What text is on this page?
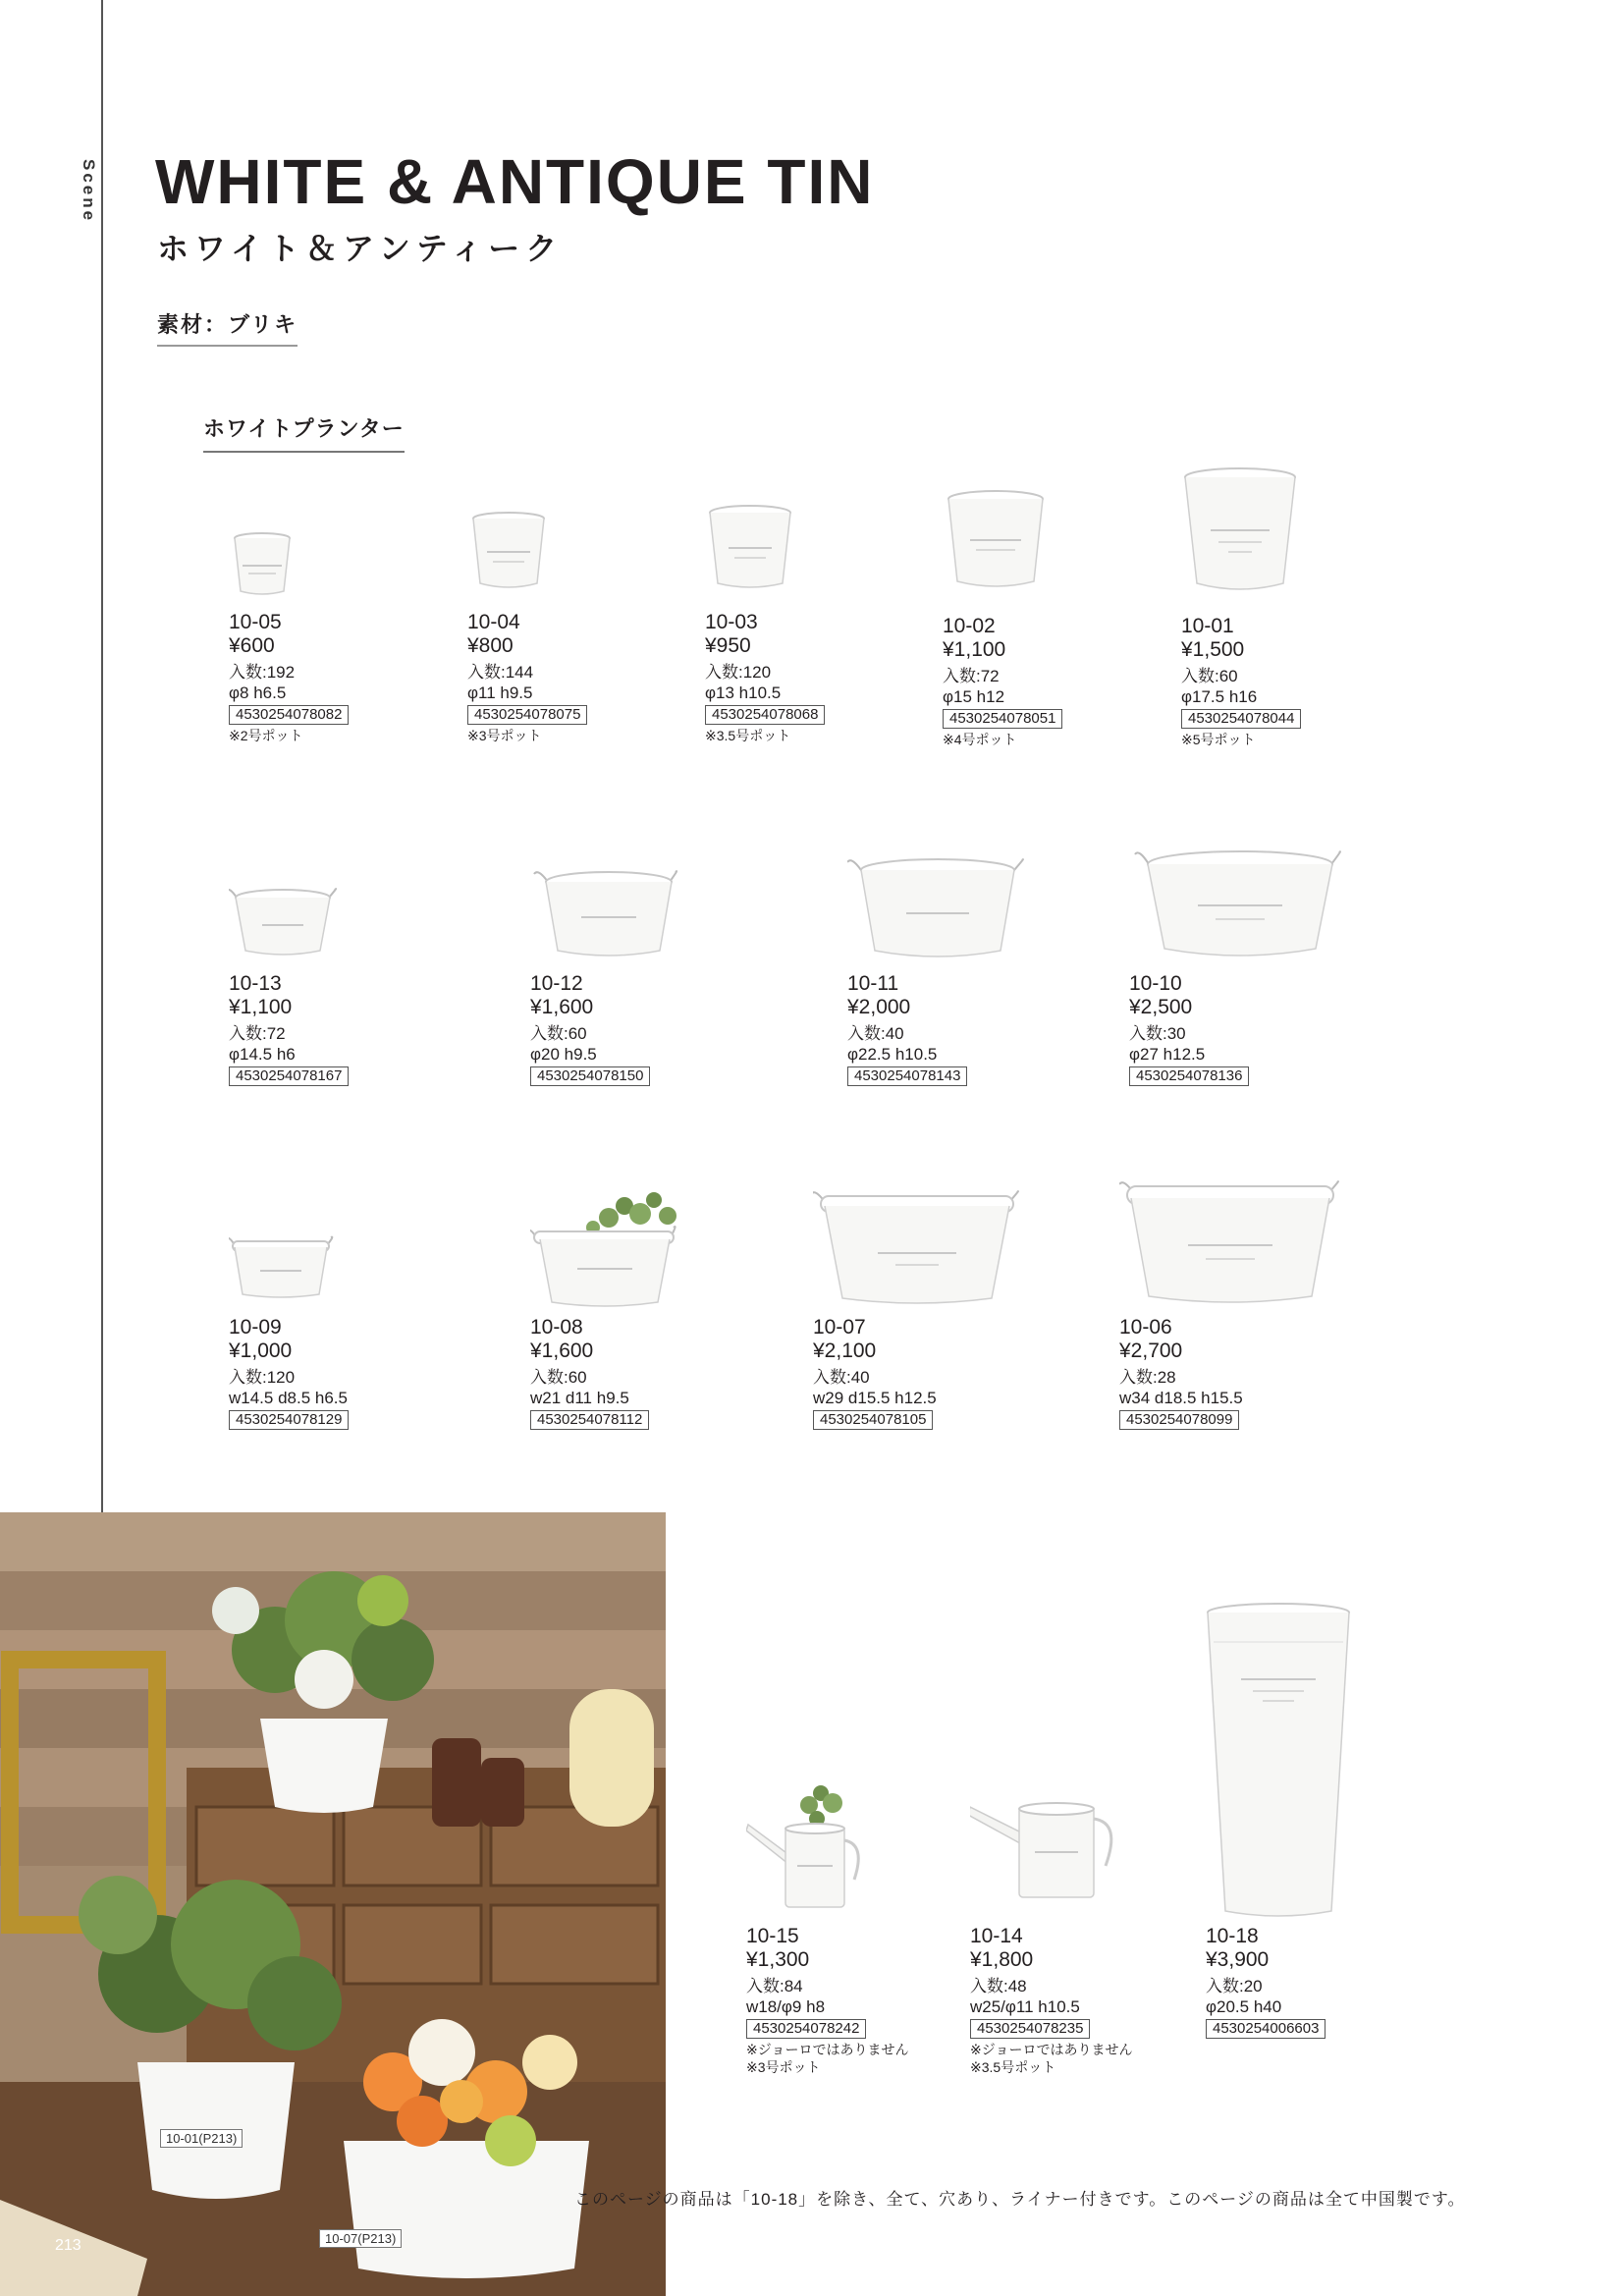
Scene WHITE & ANTIQUE TIN
ホワイト＆アンティーク
素材：ブリキ
ホワイトプランター
10-05
¥600
入数:192
φ8 h6.5
4530254078082
※2号ポット
10-04
¥800
入数:144
φ11 h9.5
4530254078075
※3号ポット
10-03
¥950
入数:120
φ13 h10.5
4530254078068
※3.5号ポット
10-02
¥1,100
入数:72
φ15 h12
4530254078051
※4号ポット
10-01
¥1,500
入数:60
φ17.5 h16
4530254078044
※5号ポット
10-13
¥1,100
入数:72
φ14.5 h6
4530254078167
10-12
¥1,600
入数:60
φ20 h9.5
4530254078150
10-11
¥2,000
入数:40
φ22.5 h10.5
4530254078143
10-10
¥2,500
入数:30
φ27 h12.5
4530254078136
10-09
¥1,000
入数:120
w14.5 d8.5 h6.5
4530254078129
10-08
¥1,600
入数:60
w21 d11 h9.5
4530254078112
10-07
¥2,100
入数:40
w29 d15.5 h12.5
4530254078105
10-06
¥2,700
入数:28
w34 d18.5 h15.5
4530254078099
10-15
¥1,300
入数:84
w18/φ9 h8
4530254078242
※ジョーロではありません
※3号ポット
10-14
¥1,800
入数:48
w25/φ11 h10.5
4530254078235
※ジョーロではありません
※3.5号ポット
10-18
¥3,900
入数:20
φ20.5 h40
4530254006603
10-01(P213)
10-07(P213)
213
このページの商品は「10-18」を除き、全て、穴あり、ライナー付きです。このページの商品は全て中国製です。
